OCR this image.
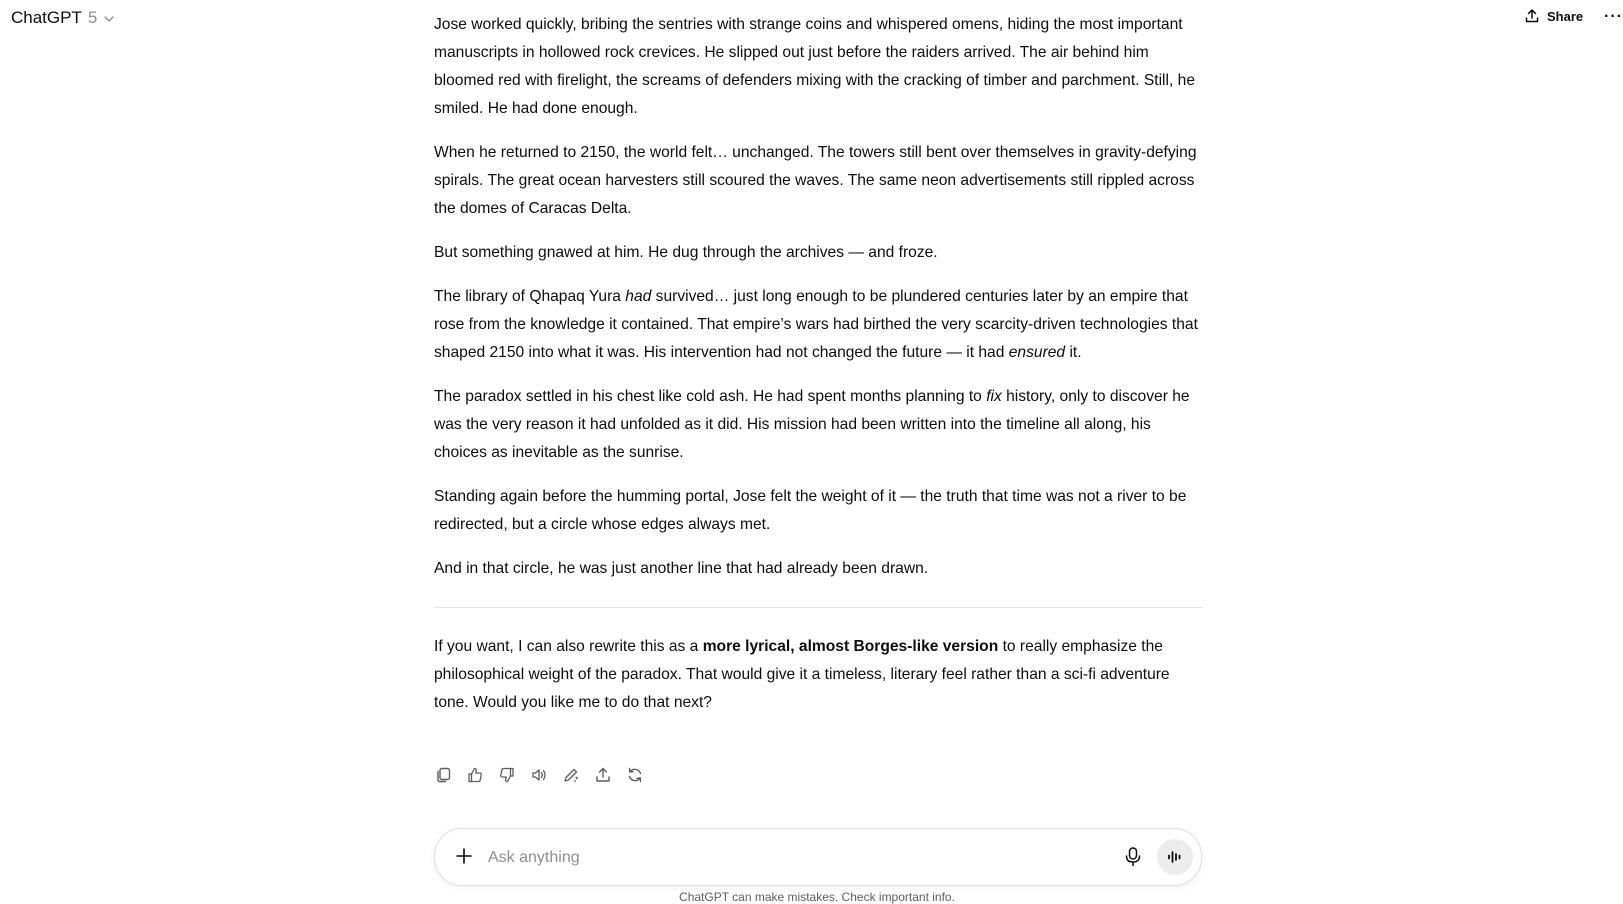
ChatGPT 5	Share ···

Jose worked quickly, bribing the sentries with strange coins and whispered omens, hiding the most important manuscripts in hollowed rock crevices. He slipped out just before the raiders arrived. The air behind him bloomed red with firelight, the screams of defenders mixing with the cracking of timber and parchment. Still, he smiled. He had done enough.

When he returned to 2150, the world felt… unchanged. The towers still bent over themselves in gravity-defying spirals. The great ocean harvesters still scoured the waves. The same neon advertisements still rippled across the domes of Caracas Delta.

But something gnawed at him. He dug through the archives — and froze.

The library of Qhapaq Yura had survived… just long enough to be plundered centuries later by an empire that rose from the knowledge it contained. That empire’s wars had birthed the very scarcity-driven technologies that shaped 2150 into what it was. His intervention had not changed the future — it had ensured it.

The paradox settled in his chest like cold ash. He had spent months planning to fix history, only to discover he was the very reason it had unfolded as it did. His mission had been written into the timeline all along, his choices as inevitable as the sunrise.

Standing again before the humming portal, Jose felt the weight of it — the truth that time was not a river to be redirected, but a circle whose edges always met.

And in that circle, he was just another line that had already been drawn.

If you want, I can also rewrite this as a more lyrical, almost Borges-like version to really emphasize the philosophical weight of the paradox. That would give it a timeless, literary feel rather than a sci-fi adventure tone. Would you like me to do that next?

Ask anything
ChatGPT can make mistakes. Check important info.
